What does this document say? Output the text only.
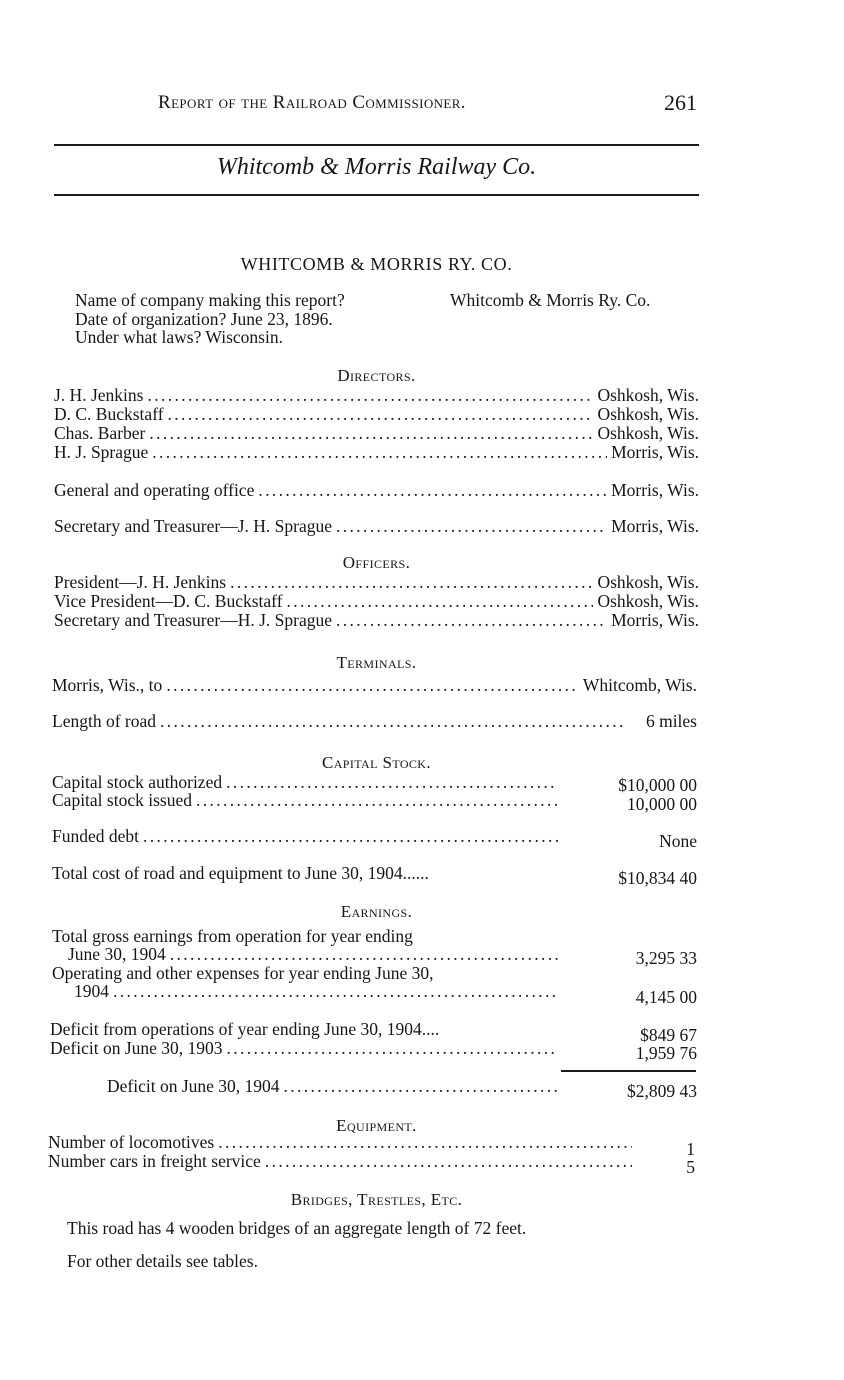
Report of the Railroad Commissioner.	261
Whitcomb & Morris Railway Co.
WHITCOMB & MORRIS RY. CO.
Name of company making this report?	Whitcomb & Morris Ry. Co.
Date of organization? June 23, 1896.
Under what laws? Wisconsin.
Directors.
J. H. Jenkins . . .	Oshkosh, Wis.
D. C. Buckstaff . . .	Oshkosh, Wis.
Chas. Barber . . .	Oshkosh, Wis.
H. J. Sprague . . .	Morris, Wis.
General and operating office . . .	Morris, Wis.
Secretary and Treasurer—J. H. Sprague . . .	Morris, Wis.
Officers.
President—J. H. Jenkins . . .	Oshkosh, Wis.
Vice President—D. C. Buckstaff . . .	Oshkosh, Wis.
Secretary and Treasurer—H. J. Sprague . . .	Morris, Wis.
Terminals.
Morris, Wis., to . . .	Whitcomb, Wis.
Length of road . . .	6 miles
Capital Stock.
Capital stock authorized . . .	$10,000 00
Capital stock issued . . .	10,000 00
Funded debt . . .	None
Total cost of road and equipment to June 30, 1904......	$10,834 40
Earnings.
Total gross earnings from operation for year ending
June 30, 1904 . . .	3,295 33
Operating and other expenses for year ending June 30,
1904 . . .	4,145 00
Deficit from operations of year ending June 30, 1904....	$849 67
Deficit on June 30, 1903 . . .	1,959 76
Deficit on June 30, 1904 . . .	$2,809 43
Equipment.
Number of locomotives . . .	1
Number cars in freight service . . .	5
Bridges, Trestles, Etc.
This road has 4 wooden bridges of an aggregate length of 72 feet.
For other details see tables.
